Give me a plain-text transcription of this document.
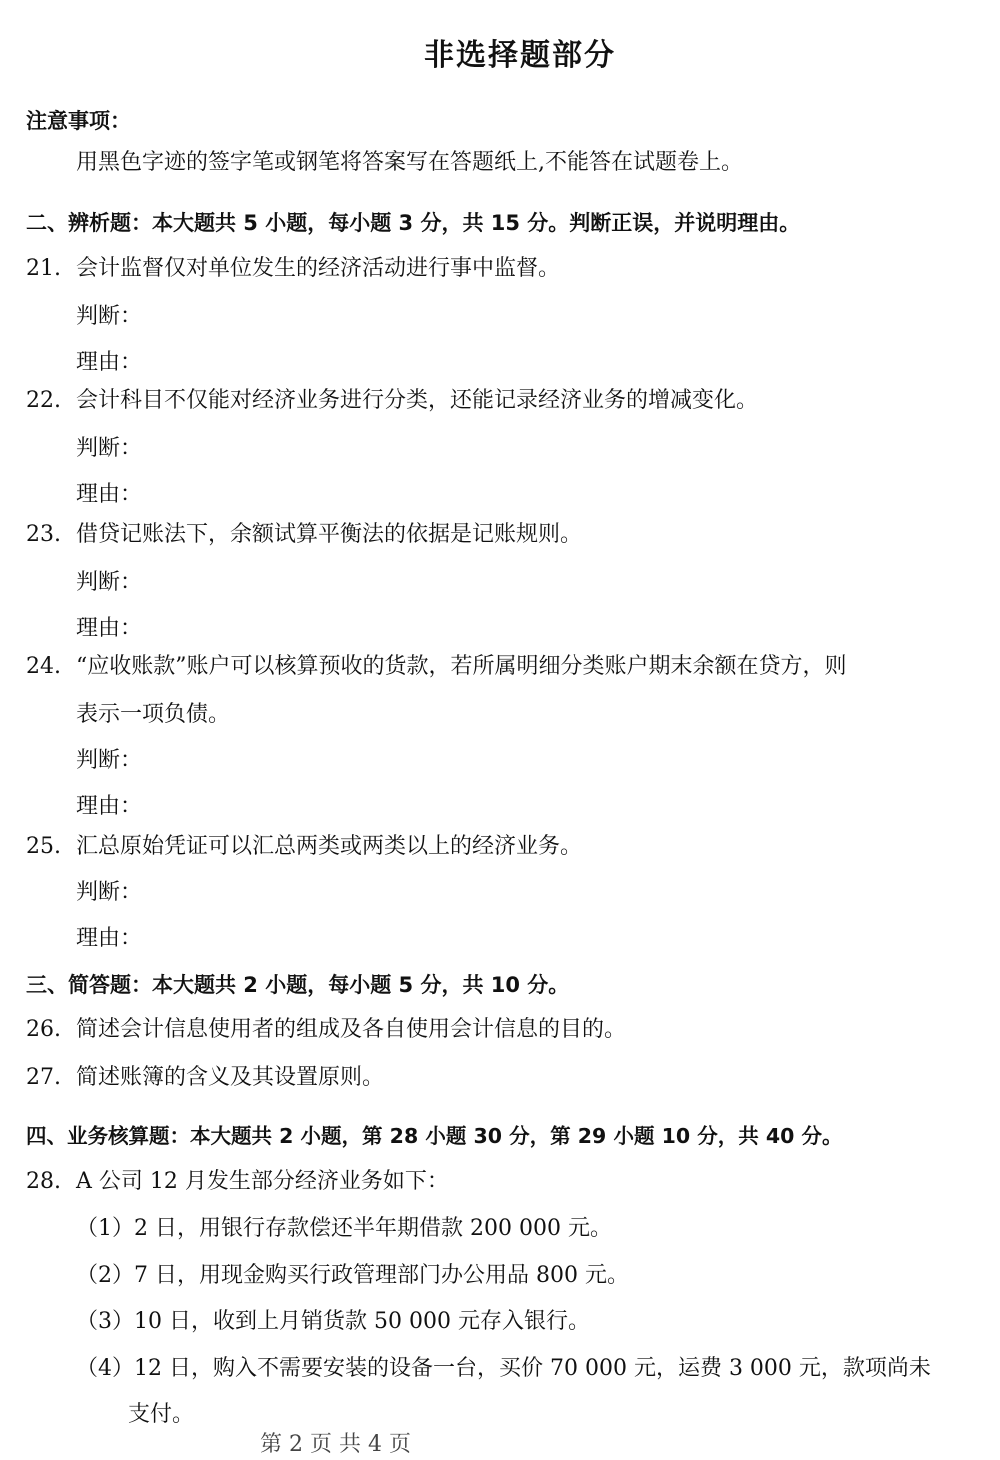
非选择题部分
注意事项：
用黑色字迹的签字笔或钢笔将答案写在答题纸上,不能答在试题卷上。
二、辨析题：本大题共 5 小题，每小题 3 分，共 15 分。判断正误，并说明理由。
21. 会计监督仅对单位发生的经济活动进行事中监督。
判断：
理由：
22. 会计科目不仅能对经济业务进行分类，还能记录经济业务的增减变化。
判断：
理由：
23. 借贷记账法下，余额试算平衡法的依据是记账规则。
判断：
理由：
24. “应收账款”账户可以核算预收的货款，若所属明细分类账户期末余额在贷方，则
表示一项负债。
判断：
理由：
25. 汇总原始凭证可以汇总两类或两类以上的经济业务。
判断：
理由：
三、简答题：本大题共 2 小题，每小题 5 分，共 10 分。
26. 简述会计信息使用者的组成及各自使用会计信息的目的。
27. 简述账簿的含义及其设置原则。
四、业务核算题：本大题共 2 小题，第 28 小题 30 分，第 29 小题 10 分，共 40 分。
28. A 公司 12 月发生部分经济业务如下：
（1）2 日，用银行存款偿还半年期借款 200 000 元。
（2）7 日，用现金购买行政管理部门办公用品 800 元。
（3）10 日，收到上月销货款 50 000 元存入银行。
（4）12 日，购入不需要安装的设备一台，买价 70 000 元，运费 3 000 元，款项尚未
支付。
第 2 页 共 4 页
